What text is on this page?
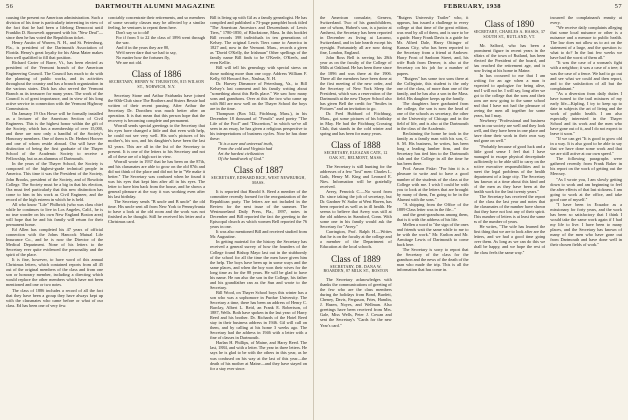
56	DARTMOUTH ALUMNI MAGAZINE

causing the present no American administration. Such a division of his time is particularly interesting in view of the fact that he had been a lifelong Democrat until Franklin D. Roosevelt appeared with his "New Deal"—since then he has voted the Republican ticket.

Henry Austin of Warren, N. H., and St. Petersburg, Fla., is president of the Dartmouth Association of Florida. Henry's great loyalty for his Alma Mater makes him well qualified to fill that position.

Richard Carter of Barre, Vt., has been elected as president of the Vermont branch of the American Engineering Council. The Council has much to do with the planning of public works, and its activities throughout the country and has a branch organization in the various states. Dick has also served the Vermont Branch as its treasurer for many years. The work of the Council is of great importance, and in view of his long active service in connection with the Vermont Highway Commission.

On January 19 Ora Howe will be formally installed as a lecturer of the American Section of Civil Engineers. This is the highest honor within the gift of the Society, which has a membership of over 15,000, and there are now only a handful of the Society's Honorary members. One of them is Dr. Herbert Hoover and one of whom reside abroad. Ora will have the distinction of being the first graduate of the Thayer School of the Academic Society to receive a Fellowship, but as an alumnus of Dartmouth.

In the years of the Thayer School, the Society is composed of the highest-grade technical people in America. This time it was the President of the Society, John Brooks, president of the Society, and of Bowdoin College. The Society must be a big in that his election, Ora must feel particularly that this new distinction has come to him in his work as Civil Engineer, and the record of the high esteem in which he is held.

All who know "Life" Philbrick (who was class chief while he continues to live in Los Angeles, Calif., he is no true wonder on his own New England Boston area) will hope that he and his family will return for their permanent home.

Ed Allen has completed his 47 years of official connection with the Johns Hancock Mutual Life Insurance Co., and he is now the Director of the Medical Department. None of his letters to the Secretary ever quite evidenced the personality and the spirit of the place.

It is fine, however, to have word of this annual Christmas letters, which contained reports from all 45 out of the original members of the class and from one son or honorary member, including a directing which would replace the other members which have not been mentioned and one or two notes.

The class of 1886 includes a record of all the fact that they have been a group they have always kept up with the classmates who came before or what of our class. Ed has been one of very few.

conciably concentrate their retirements, and so members of some security classes may be affected by a similar feeling, he ventures to repeat them here.

Don't say so to old!

For if from 5 to 22 the class of 1896 went through the war.

And if in the years they are 80,

We'd never dare that we had to say,

No matter how the fortunes fly,

We are not old.

Class of 1886
SECRETARY, HENRY W. THURSTON, 815 WILSON ST., NORWICH, N.Y.

Secretary Stone and Arthur Fairbanks have joined the 60th-Club since The Brothers and Sisters Bessie had written of their recent passing. After Arthur the Secretary Dr. Dorothea was much better after an operation. It is that mean that this person hope that the recovery is becoming complete and permanent.

Worrall sends special greetings to the Secretary that his eyes have changed a little and that even with help, he could not see very well. His son's pictures of his mother's, his son, and his daughter's have been the last 62 years. This are all in the list of the Secretary to present. It is one of the letters to his Secretary and not all of these are of a high sort in view.

Worrall wrote in 1937 that he has been on the 87th, and his classmates are able to grow on the old 87th and did not think of the place and did not be in "We make it better." The Secretary was confused when he found it was his eyes that kept him after all in his eyes. The letter to have him back from the house, and he shows a general pleasure at the way it was working even after his last birthday.

The Secretary sends "B uncle and B uncle" the old time. His uncle sent all from New York to Pennsylvania to have a look at the old room and the work was not finished as he thought. Still he received his letter and a Christmas card.

Bill is living up with Gil as a family genealogist. He has compiled and published a 73-page pamphlet book titled "The American Ancestors and Descendants of Lewis Tiers," 1780-1850, of Blackstone, Mass. In this booklet Bill records 398 individuals in ten generations of Kelsey. The original Lewis Tiers came to America in 1827 and, now in the Vermont. Mass., records a given as "David O'Kelly, the Irishman" Other spellings of the family name Bill finds to be O'Keefe, O'Keefs, and even Kellie.

Bill will tell his genealogy with special stress on those nothing more than one copy. Address William F. Kelly, 60 Howard Ave., Nashua, N. H.

Dr. Harvey Dinsmore of Petersburg, Va., to Bill Kelsey's last comment and his family writing about "something about this Bells place." We saw how many sons and grandsons. Over at this the two who came up with Bill are now well on the Thayer School the boys are in the time.

Thompson (Box 542, Fitchburg, Mass.), in his December 18 thousand of "Fossils" used poetry "The Life of the Fool" and "Discretion," in which we've all seen in an essay, he has given a religious perspective to his interpretations of business cycles. Now he has done these:

"It is a sure and universal truth,

From the cold and Virginia had

Art the hardest civilization

Of the handiwork of God."

Class of 1887
SECRETARY, EDWARD RICE, WEST NEWBURGH, MASS.

It is reported that Harold S. Reed a member of the committee recently formed for the reorganization of the Republican party. The letters are not included in the Review for the next issue of the summer. The Westmoreland Daily Press, Fla., 1897, notes in December and Bill reported the fact the greeting to the Episcopal church as which women Bell reported the 76 years in one.

It was also mentioned Bill and received studied from Mr. Augustine.

In getting material for the history the Secretary has received a general survey of how the founders of the College found Bishop Mayo last out in the stubbornly of the school for all the time the men have given him the help. The boys have been up in some ways and the same places, and when the boy won their wives for the long time as for the 88 years. He will be glad to have his name. He ran also the son in the College, his father and his grandfather ran as the Sun and wrote to the Secretary.

Bill Wood, on Thayer School boys this winter has a son who was a sophomore in Purdue University. The Secretary a time, there has been an address of Henry C. Barclay, Albert L. Reid, an Frank E. Robertson, of 1887, Wells. Both have spoken in the last year: of Harry Reed and his brother. Dr. Richards of the Hotel Reed stay in their business address in 1946. Gil will call on them, and by calling at his home 3 weeks ago. The Secretary had the address in 1946 with a letter with a fine of classes in Dartmouth.

Harlan H. Phillips, of Maine, and Harry Reed. The last, 1884, and with a letter. The year in three letters. He says he is glad to be with the others in this year, as he was confused on his way at the last of this year—the death of his mother at Maine—and they have stayed on for a stay ever since.

FEBRUARY, 1938	57

the American consulate, Geneva, Switzerland. Two of his grandchildren, one of whom, Hubert's son, is a junior at Amherst, the Secretary has been reported in December as living at Lacarno, Switzerland, and in late hearth except his eyesight. Fortunately all are now doing fine, London, England.

John Ross Bell is serving his 28th year as on the faculty of the College of Mills at Oakland. He has been there since the 1896 and was there at the 1906. There all the members have been done at the first meeting of the new order, and the Secretary of New York Sleep the President, which was a reservation of the Dartmouth at the new Thayer School also has given Bell the credit for "Smiles in Pictures" and an invitation to go.

Dr. Fred Hubbard of Fitchburg, Mass., got some pictures of his birthday in May. He had the Fitchburg Crossing Club, that stands in the cold winter and spring and has been for many years.

Class of 1888
SECRETARY, ELEAZAR CATE, 12 OAK ST., BELMONT, MASS.

The Secretary is still hunting for the addresses of a few "lost" men: Charles L. Gath, Henry M. King and Leonard E. Nies. Information will be gratefully received.

Avery, Fenwick C.—No word from Dr. since taking the job of secretary, but Dr. Gardner W. Sailor at West Haven, has been reported as well as in ill health. He seems to believe that Avery was still at the old address in Stamford, Conn. With some one in his family would ask the Secretary for "Avery."

Carrington, Prof. Ralph H.—Writes that he is on the faculty at the college and a member of the Department of Education at the local schools.

Class of 1889
SECRETARY, DR. DANA W. BOARDEN, 87 MILK ST., BOSTON

The Secretary acknowledges with thanks the communications of greeting of the few who are the class members during the holidays from Bond, Burdett, Cheney, Davis, Ferguson, Fries, Hamlin, J. Hazen, Noyes, and Wellman. Also greetings have been received from Mrs. Gale, Miss Wells, Peter J. Cowan and sent the Secretary's "Cards for the new Year's card."

"Rutgers University Trailer" who, it appears, has issued a challenge to every college at that time of the great edition, was read by all of them, and is sure to be a guide. Harry Frank Davis is a guide for Mr. Alfred Dale, Harry Ottinger of Kansas City, who has been reported to the Secretary from a friend at Andover. Harry Frost of Sanborn Street, and, his wife Ruth from Denver, is also at the Secretary on his job for a number of papers.

"Rutgers" has some two sons there at the Collegiate, this student is the only one of the class, of more than one of the family, and he has also a son in the Mass. field. His daughter keeps up the family.

The daughters have graduated from the college, the son is now the head of one of the schools as secretary, the other at the University of Chicago and in the field of life, and is also at the Dartmouth in the class of the Academic.

Reclaiming the home he took in the family as a family man with his son, C. S. M. His business, he writes, has been long a leading lumber firm, and the Secretary has tied him to the Dartmouth club and the College in all the time he has been there.

Prof. Anson Fiske: "For him it is a pleasure to write and to have a good number of the students of the class at the College with me. I wish I could be with you to look at the letters that are brought by many of them, I'm going to be in the Alumni with the sons."

"A shipping from the Office of the 1889 Class letter was in the file..."

and the great-grandsons among them, that is it with the address of his life.

Mellen a word to "the sign of the ones and friends wait the same while to me to be with the work." Mr. Earlton and Mr. Armitage Lewis of Dartmouth to come back here.

The Secretary is sorry to report that the Secretary of the class for the grandson and the news of the death of the man who made the trip. This is all the information that has come in.

Class of 1890
SECRETARY, CHARLES A. HASKS, 37 SOUTH ST., RUTLAND, VT.

Mr. Salford, who has been a prominent figure in recent years in the affairs of the town of Rutland, has been elected the President of the board, and has reached the retirement age, and is now living at his home in Maine.

In has occurred to me that I am writing for an age when a man is expected to apologize for being alive, and I will not be. I will say, long after we got to the college that the sons and their sons are now going to the same school and that I have not had the pleasure of seeing the men all together for some years, but I may.

Newberry "Professional and business men in our society are well and they look well, and they have been in one place and have done their work in their own way and gone on well."

"Probably because of good luck and a little good sense I feel that I have managed to escape physical decrepitude sufficiently to be able still to carry on the active executive responsibilities and to meet the legal problems of the health department of a large city. The Secretary has known at a time about this kind and of the men as they have been at the health work for the last twenty years."

The Secretary has received the report of the class the last year and notes that the classmates of the number have shown that they have not lost any of their spirit. This number of letters is at least the same as of the number of years.

He writes, "The wife has learned the first thing that we are to look after are the letters, and we had a good time going over them. As long as we can do this we shall be happy, and we hope the rest of the class feels the same way."

incurred the complainant's enmity at every.

"We receive daily complaints alleging that some local nuisance or other is a nuisance and a menace to public health. The law does not allow us to act on the statement of a large, and the question is: what to do? In the last few weeks we have had the worst of them all."

"It was the case of a woman's fight with a neighbor; it was a case of a tree; it was the case of a fence. We had to go out and see what we could and then report, and to the satisfaction of all but the complainant."

"As a diversion from daily duties I have turned to the trail mixtures of my early life—Kipling, I try to keep up to date in subjects the art of living and the work of public health. I am also especially interested in the Thayer School and its work and the men who have gone out of it, and I do not expect to leave it soon."

"If we can get "It is good to grow old in a way. It is also good to be able to say that we have done some work and that we are still active at our own speed."

The following paragraphs were gathered recently from Frank Baker in his report on the work of getting out the Mercury.

"As I wrote you, I am slowly getting down to work and am beginning to feel the after effects of that last sickness. I am going to work at the office, and take good care of myself."

"I have been in Ecuador as a missionary for forty years, and the work has been so satisfactory that I think I would take the same work again if I had my life to live. I have been to many places, and the Secretary has known of many of the men who have gone out from Dartmouth and have done well in their chosen fields of work."
